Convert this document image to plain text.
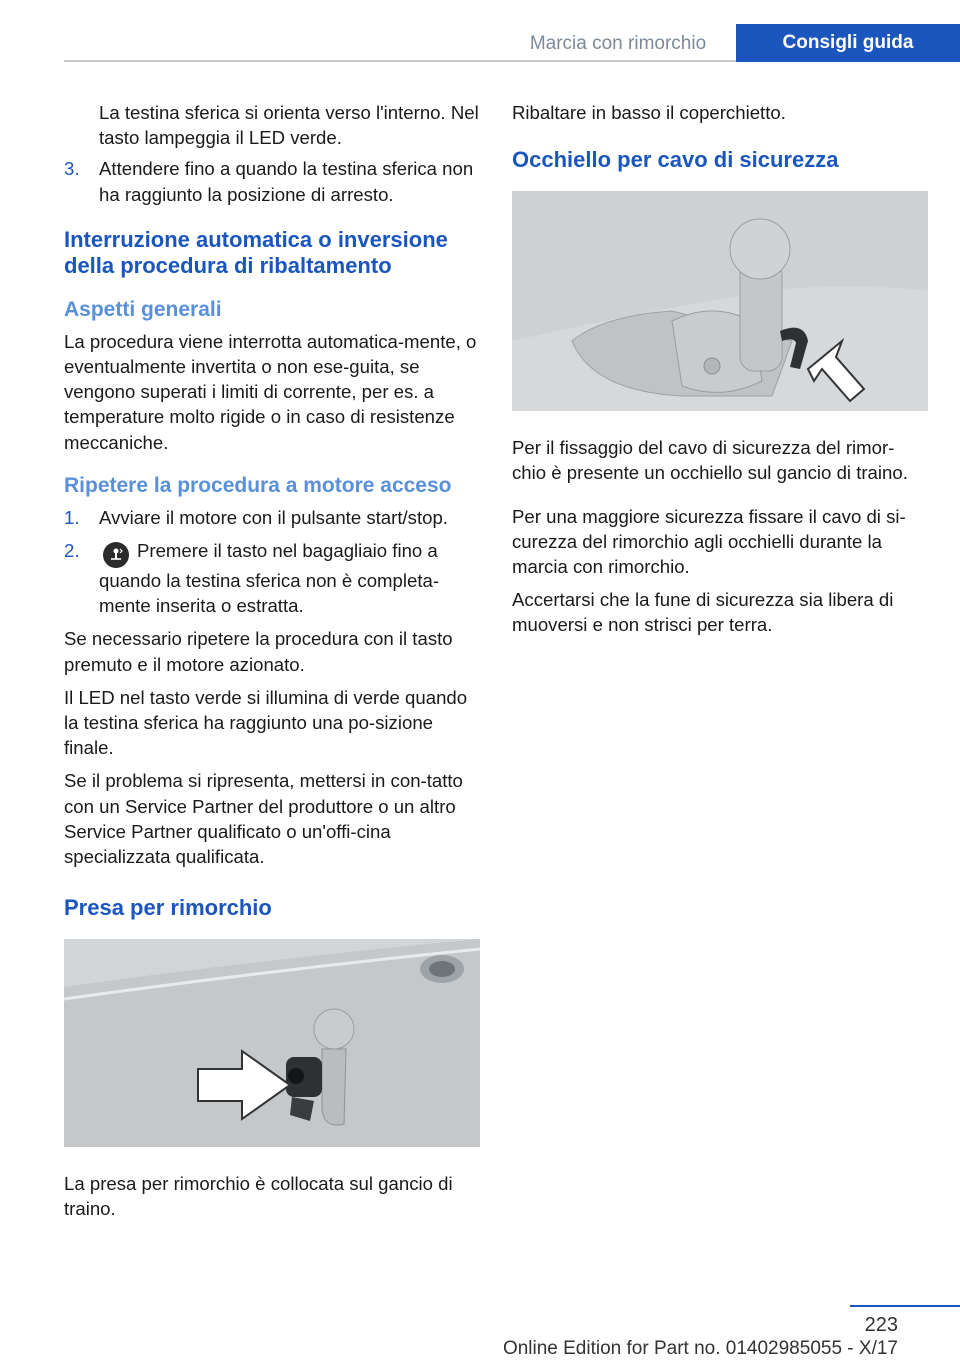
Marcia con rimorchio	Consigli guida

La testina sferica si orienta verso l'interno. Nel tasto lampeggia il LED verde.

3.	Attendere fino a quando la testina sferica non ha raggiunto la posizione di arresto.
Interruzione automatica o inversione della procedura di ribaltamento
Aspetti generali

La procedura viene interrotta automatica-mente, o eventualmente invertita o non ese-guita, se vengono superati i limiti di corrente, per es. a temperature molto rigide o in caso di resistenze meccaniche.

Ripetere la procedura a motore acceso
1.	Avviare il motore con il pulsante start/stop.
2.	Premere il tasto nel bagagliaio fino a quando la testina sferica non è completa-mente inserita o estratta.

Se necessario ripetere la procedura con il tasto premuto e il motore azionato.

Il LED nel tasto verde si illumina di verde quando la testina sferica ha raggiunto una po-sizione finale.

Se il problema si ripresenta, mettersi in con-tatto con un Service Partner del produttore o un altro Service Partner qualificato o un'offi-cina specializzata qualificata.

Presa per rimorchio

La presa per rimorchio è collocata sul gancio di traino.

Ribaltare in basso il coperchietto.

Occhiello per cavo di sicurezza

Per il fissaggio del cavo di sicurezza del rimor-chio è presente un occhiello sul gancio di traino.

Per una maggiore sicurezza fissare il cavo di si-curezza del rimorchio agli occhielli durante la marcia con rimorchio.

Accertarsi che la fune di sicurezza sia libera di muoversi e non strisci per terra.

223
Online Edition for Part no. 01402985055 - X/17
